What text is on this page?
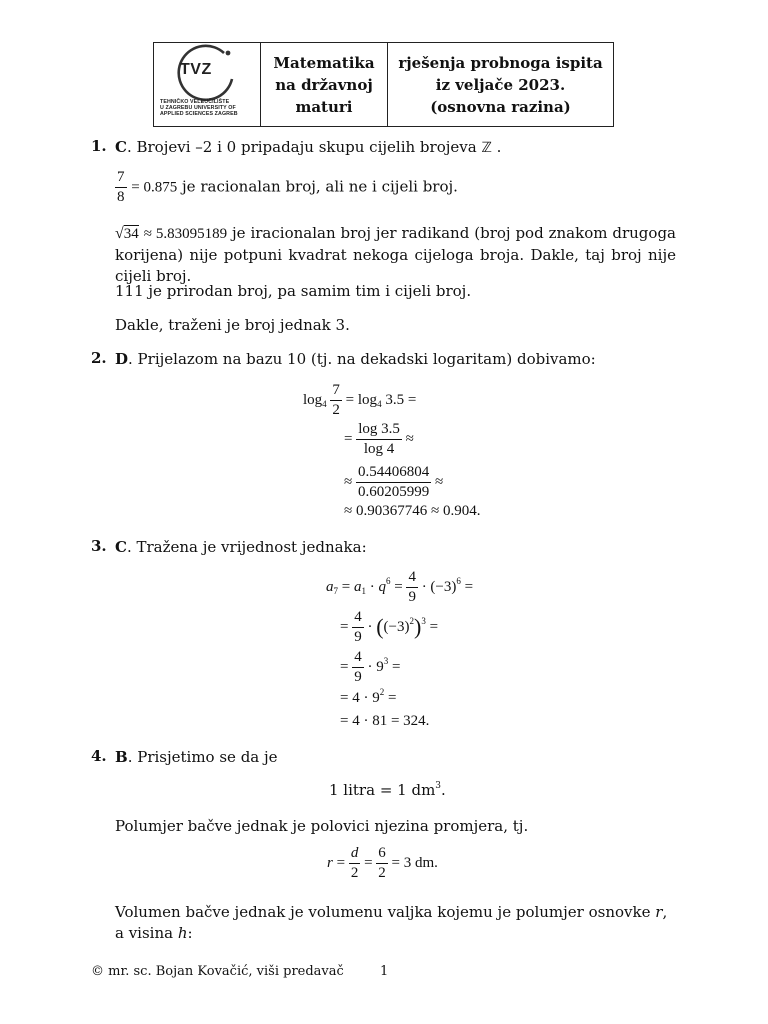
TVZ
TEHNIČKO VELEUČILIŠTE
U ZAGREBU UNIVERSITY OF
APPLIED SCIENCES ZAGREB
Matematika
na državnoj
maturi
rješenja probnoga ispita
iz veljače 2023.
(osnovna razina)
1. C. Brojevi –2 i 0 pripadaju skupu cijelih brojeva ℤ .
$\frac{7}{8} = 0.875$ je racionalan broj, ali ne i cijeli broj.
√34 ≈ 5.83095189 je iracionalan broj jer radikand (broj pod znakom drugoga korijena) nije potpuni kvadrat nekoga cijeloga broja. Dakle, taj broj nije cijeli broj.
111 je prirodan broj, pa samim tim i cijeli broj.
Dakle, traženi je broj jednak 3.
2. D. Prijelazom na bazu 10 (tj. na dekadski logaritam) dobivamo:
$\log_4 \frac{7}{2} = \log_4 3.5$ =
= $\frac{\log 3.5}{\log 4}$ ≈
≈ $\frac{0.54406804}{0.60205999}$ ≈
≈ 0.90367746 ≈ 0.904.
3. C. Tražena je vrijednost jednaka:
$a_7 = a_1 \cdot q^6 = \frac{4}{9} \cdot (-3)^6$ =
= $\frac{4}{9} \cdot ((-3)^2)^3$ =
= $\frac{4}{9} \cdot 9^3$ =
= $4 \cdot 9^2$ =
= 4 · 81 = 324.
4. B. Prisjetimo se da je
1 litra = 1 $dm^3$.
Polumjer bačve jednak je polovici njezina promjera, tj.
$r = \frac{d}{2} = \frac{6}{2} = 3$ dm.
Volumen bačve jednak je volumenu valjka kojemu je polumjer osnovke r, a visina h:
© mr. sc. Bojan Kovačić, viši predavač	1
